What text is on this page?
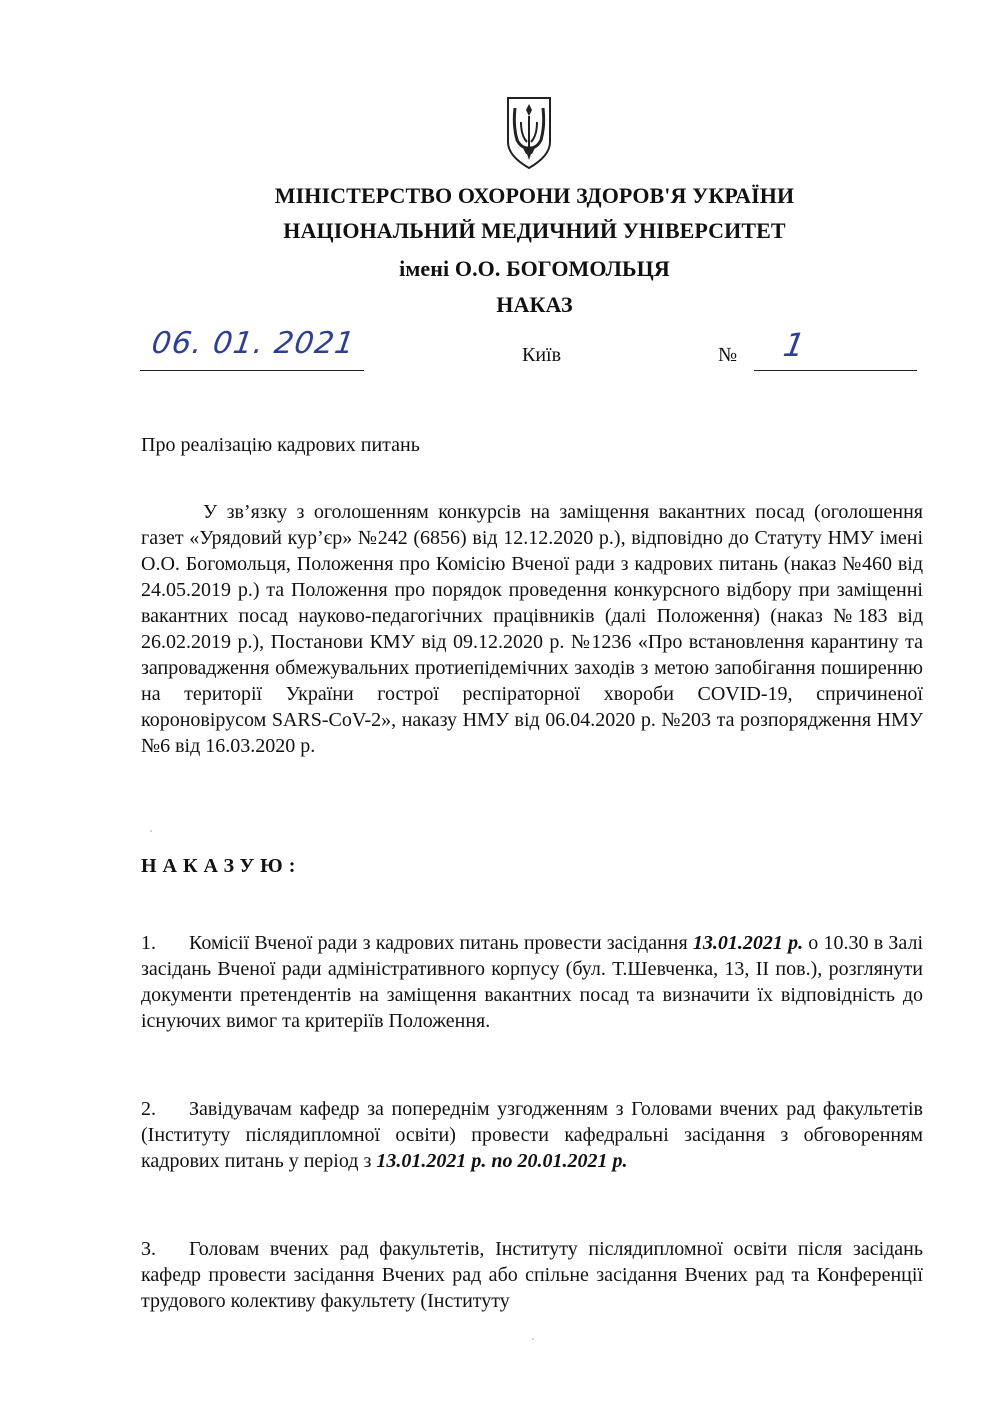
МІНІСТЕРСТВО ОХОРОНИ ЗДОРОВ'Я УКРАЇНИ
НАЦІОНАЛЬНИЙ МЕДИЧНИЙ УНІВЕРСИТЕТ
імені О.О. БОГОМОЛЬЦЯ
НАКАЗ
06. 01. 2021	Київ	№ 1
Про реалізацію кадрових питань
У зв’язку з оголошенням конкурсів на заміщення вакантних посад (оголошення газет «Урядовий кур’єр» №242 (6856) від 12.12.2020 р.), відповідно до Статуту НМУ імені О.О. Богомольця, Положення про Комісію Вченої ради з кадрових питань (наказ №460 від 24.05.2019 р.) та Положення про порядок проведення конкурсного відбору при заміщенні вакантних посад науково-педагогічних працівників (далі Положення) (наказ №183 від 26.02.2019 р.), Постанови КМУ від 09.12.2020 р. №1236 «Про встановлення карантину та запровадження обмежувальних протиепідемічних заходів з метою запобігання поширенню на території України гострої респіраторної хвороби COVID-19, спричиненої короновірусом SARS-CoV-2», наказу НМУ від 06.04.2020 р. №203 та розпорядження НМУ №6 від 16.03.2020 р.
НАКАЗУЮ:
1. Комісії Вченої ради з кадрових питань провести засідання 13.01.2021 р. о 10.30 в Залі засідань Вченої ради адміністративного корпусу (бул. Т.Шевченка, 13, ІІ пов.), розглянути документи претендентів на заміщення вакантних посад та визначити їх відповідність до існуючих вимог та критеріїв Положення.
2. Завідувачам кафедр за попереднім узгодженням з Головами вчених рад факультетів (Інституту післядипломної освіти) провести кафедральні засідання з обговоренням кадрових питань у період з 13.01.2021 р. по 20.01.2021 р.
3. Головам вчених рад факультетів, Інституту післядипломної освіти після засідань кафедр провести засідання Вчених рад або спільне засідання Вчених рад та Конференції трудового колективу факультету (Інституту
